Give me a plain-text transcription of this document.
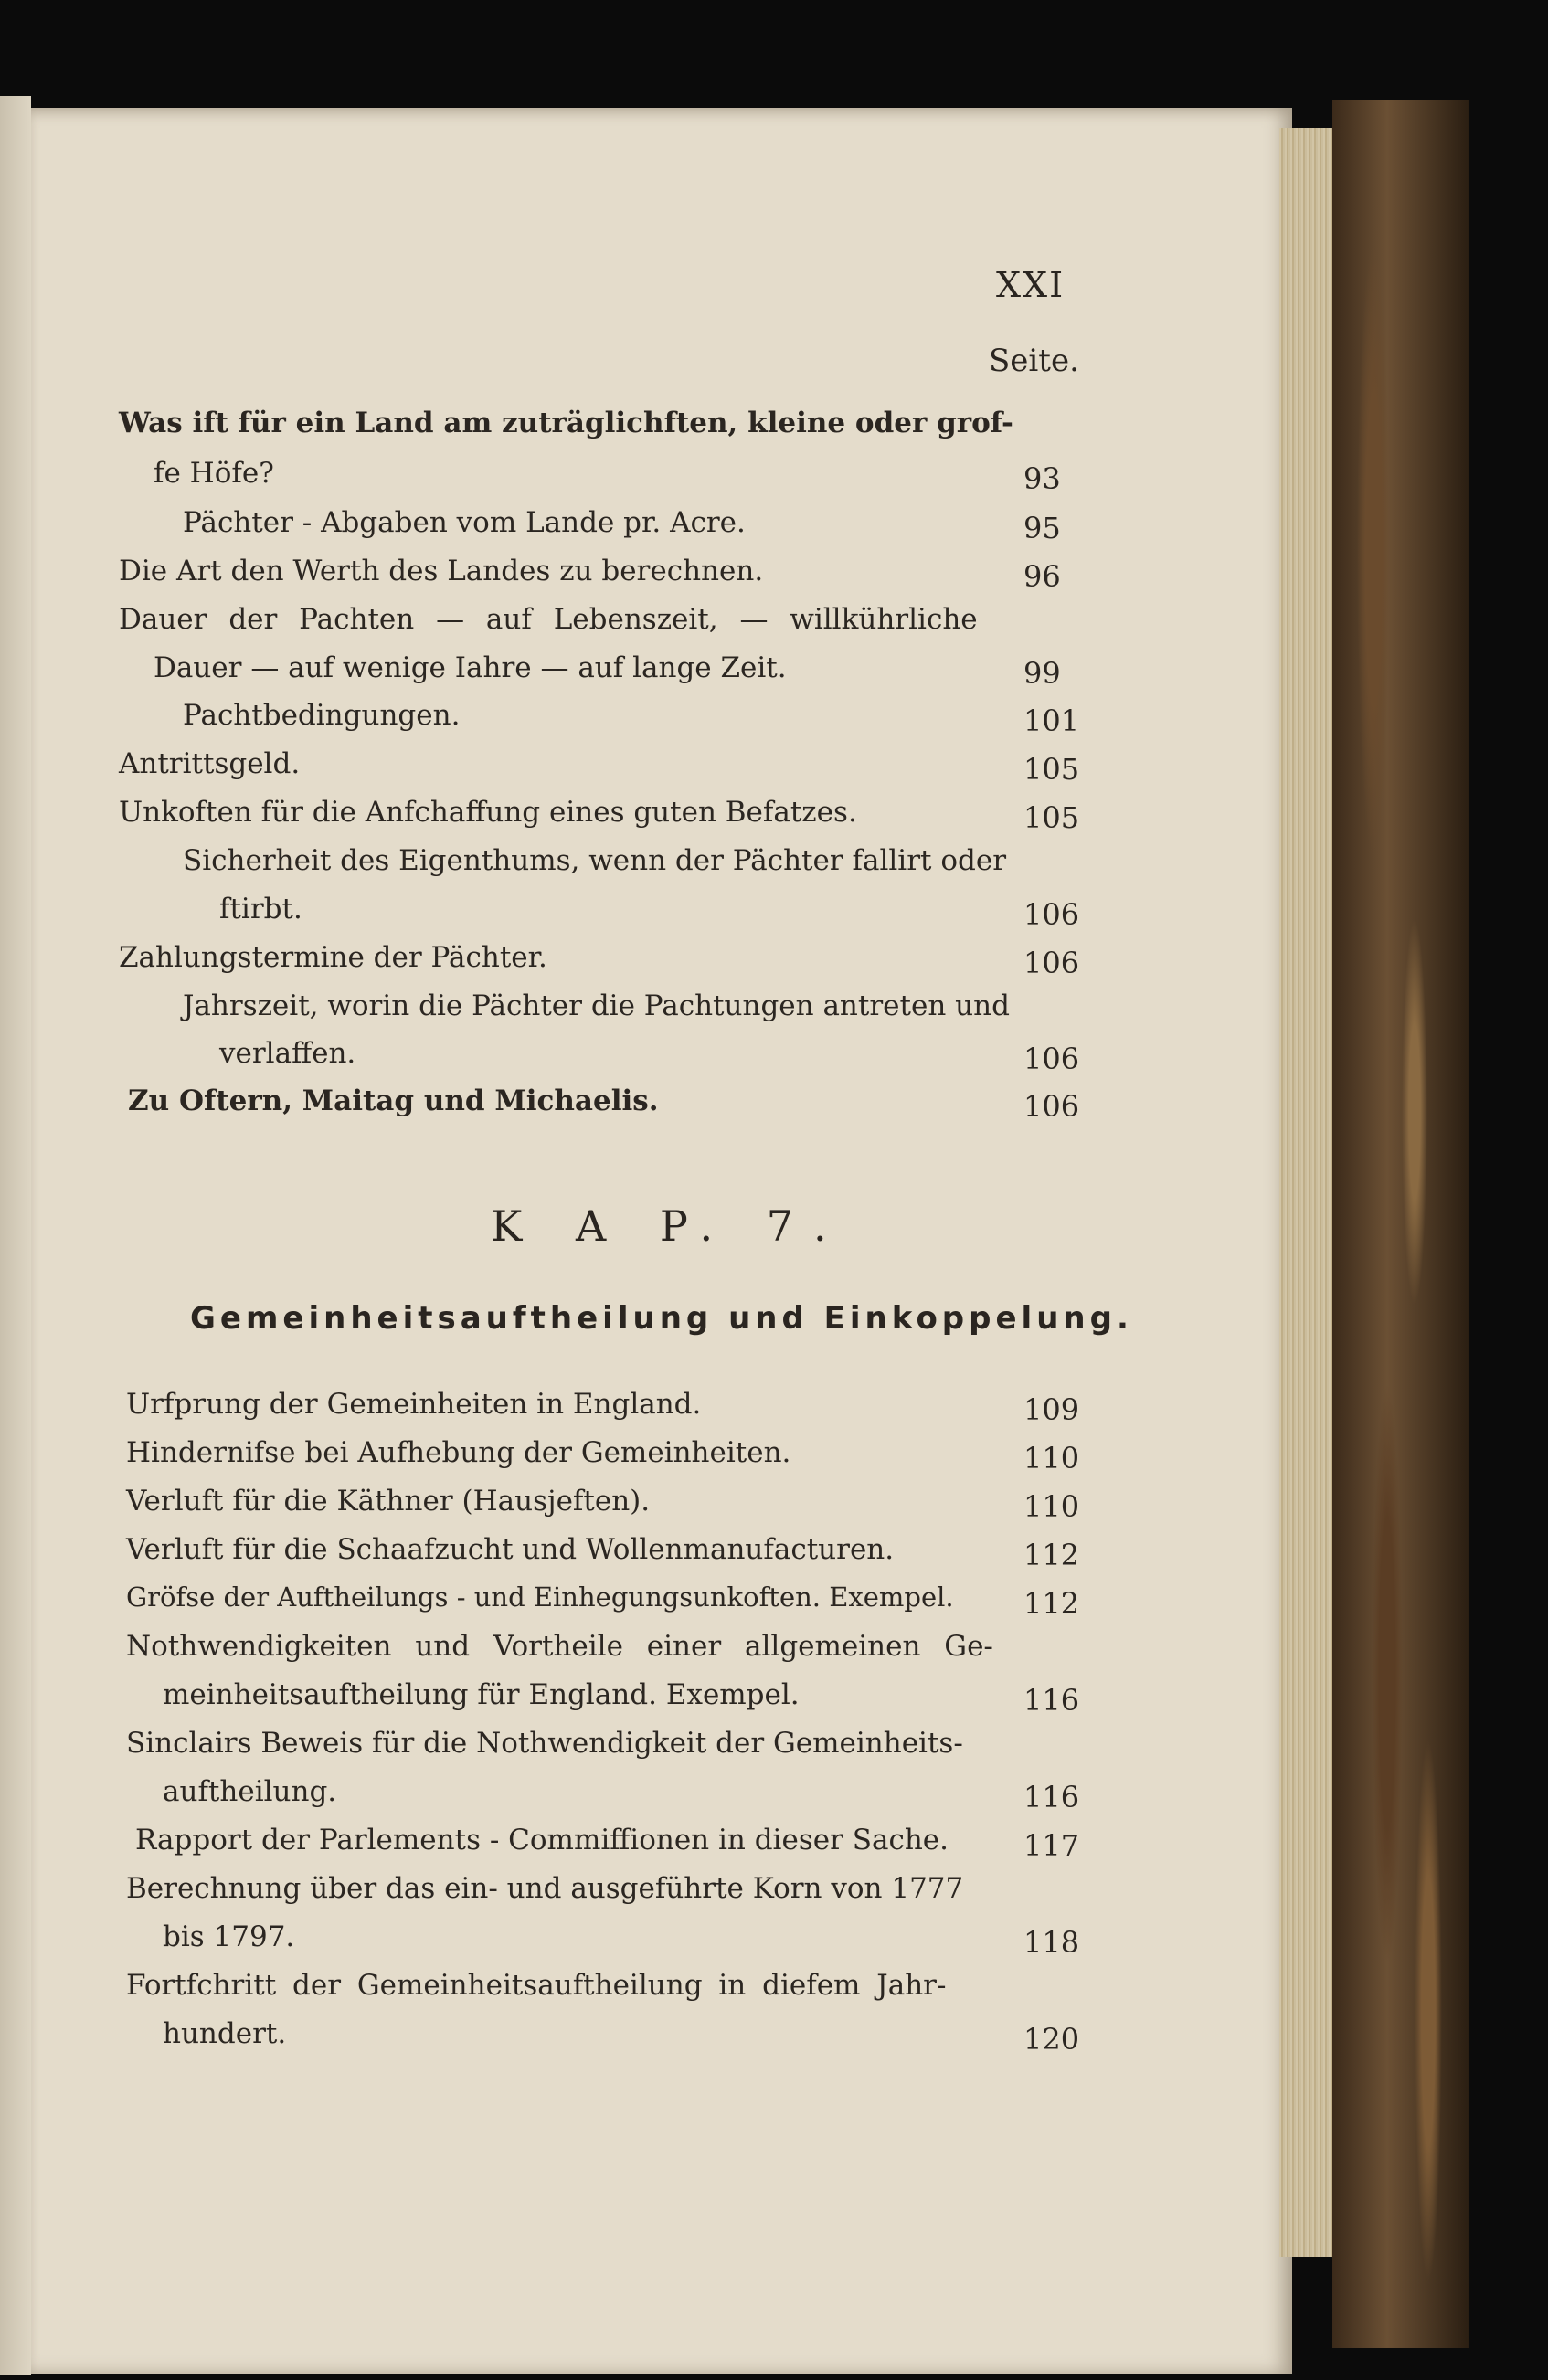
XXI
Seite.
Was ift für ein Land am zuträglichften, kleine oder grof-
fe Höfe?	93
Pächter - Abgaben vom Lande pr. Acre.	95
Die Art den Werth des Landes zu berechnen.	96
Dauer der Pachten — auf Lebenszeit, — willkührliche
Dauer — auf wenige Iahre — auf lange Zeit.	99
Pachtbedingungen.	101
Antrittsgeld.	105
Unkoften für die Anfchaffung eines guten Befatzes.	105
Sicherheit des Eigenthums, wenn der Pächter fallirt oder
ftirbt.	106
Zahlungstermine der Pächter.	106
Jahrszeit, worin die Pächter die Pachtungen antreten und
verlaffen.	106
Zu Oftern, Maitag und Michaelis.	106
K A P. 7.
Gemeinheitsauftheilung und Einkoppelung.
Urfprung der Gemeinheiten in England.	109
Hindernifse bei Aufhebung der Gemeinheiten.	110
Verluft für die Käthner (Hausjeften).	110
Verluft für die Schaafzucht und Wollenmanufacturen.	112
Gröfse der Auftheilungs - und Einhegungsunkoften. Exempel. 112
Nothwendigkeiten und Vortheile einer allgemeinen Ge-
meinheitsauftheilung für England. Exempel.	116
Sinclairs Beweis für die Nothwendigkeit der Gemeinheits-
auftheilung.	116
Rapport der Parlements - Commiffionen in dieser Sache.	117
Berechnung über das ein- und ausgeführte Korn von 1777
bis 1797.	118
Fortfchritt der Gemeinheitsauftheilung in diefem Jahr-
hundert.	120
